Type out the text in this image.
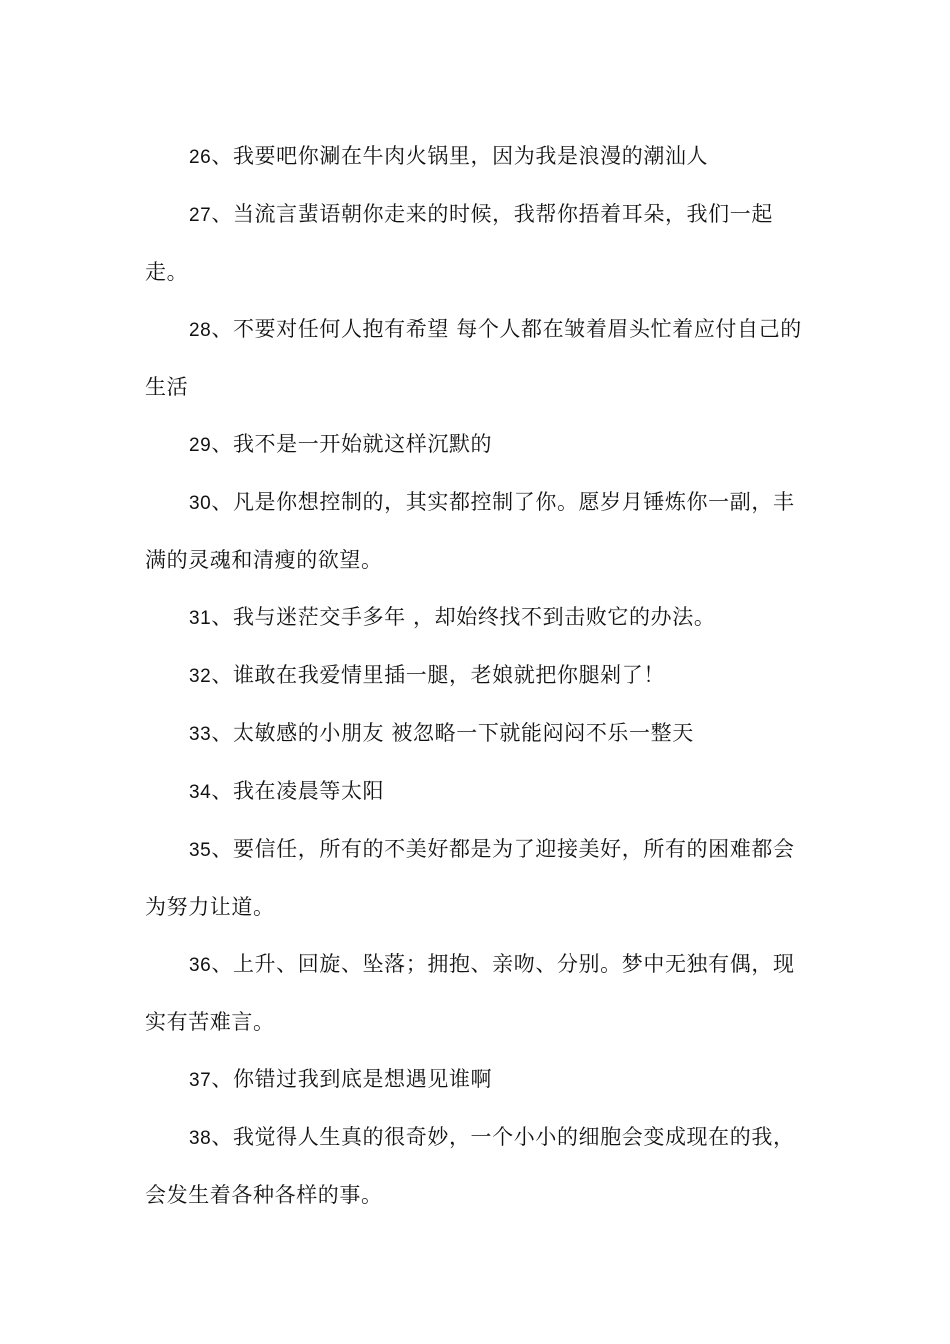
26、我要吧你涮在牛肉火锅里，因为我是浪漫的潮汕人

27、当流言蜚语朝你走来的时候，我帮你捂着耳朵，我们一起走。

28、不要对任何人抱有希望 每个人都在皱着眉头忙着应付自己的生活

29、我不是一开始就这样沉默的

30、凡是你想控制的，其实都控制了你。愿岁月锤炼你一副，丰满的灵魂和清瘦的欲望。

31、我与迷茫交手多年 ，却始终找不到击败它的办法。

32、谁敢在我爱情里插一腿，老娘就把你腿剁了！

33、太敏感的小朋友 被忽略一下就能闷闷不乐一整天

34、我在凌晨等太阳

35、要信任，所有的不美好都是为了迎接美好，所有的困难都会为努力让道。

36、上升、回旋、坠落；拥抱、亲吻、分别。梦中无独有偶，现实有苦难言。

37、你错过我到底是想遇见谁啊

38、我觉得人生真的很奇妙，一个小小的细胞会变成现在的我，会发生着各种各样的事。
